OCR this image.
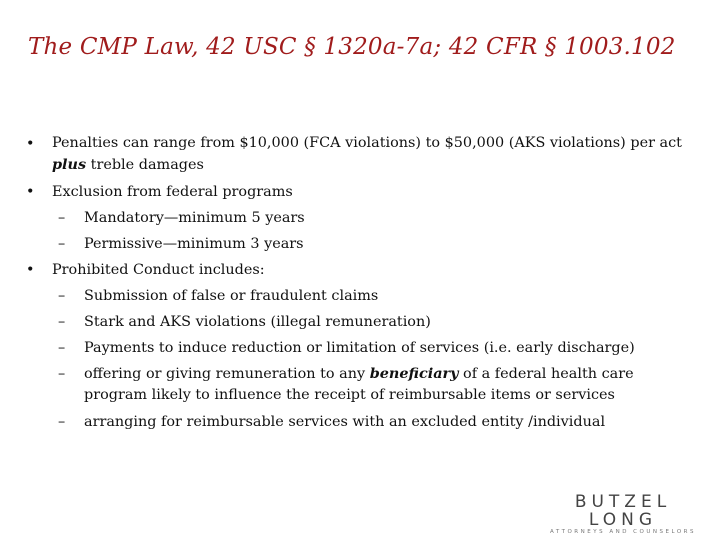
The CMP Law, 42 USC § 1320a-7a; 42 CFR § 1003.102
• Penalties can range from $10,000 (FCA violations) to $50,000 (AKS violations) per act plus treble damages
• Exclusion from federal programs
– Mandatory—minimum 5 years
– Permissive—minimum 3 years
• Prohibited Conduct includes:
– Submission of false or fraudulent claims
– Stark and AKS violations (illegal remuneration)
– Payments to induce reduction or limitation of services (i.e. early discharge)
– offering or giving remuneration to any beneficiary of a federal health care program likely to influence the receipt of reimbursable items or services
– arranging for reimbursable services with an excluded entity /individual
BUTZEL LONG
ATTORNEYS AND COUNSELORS
